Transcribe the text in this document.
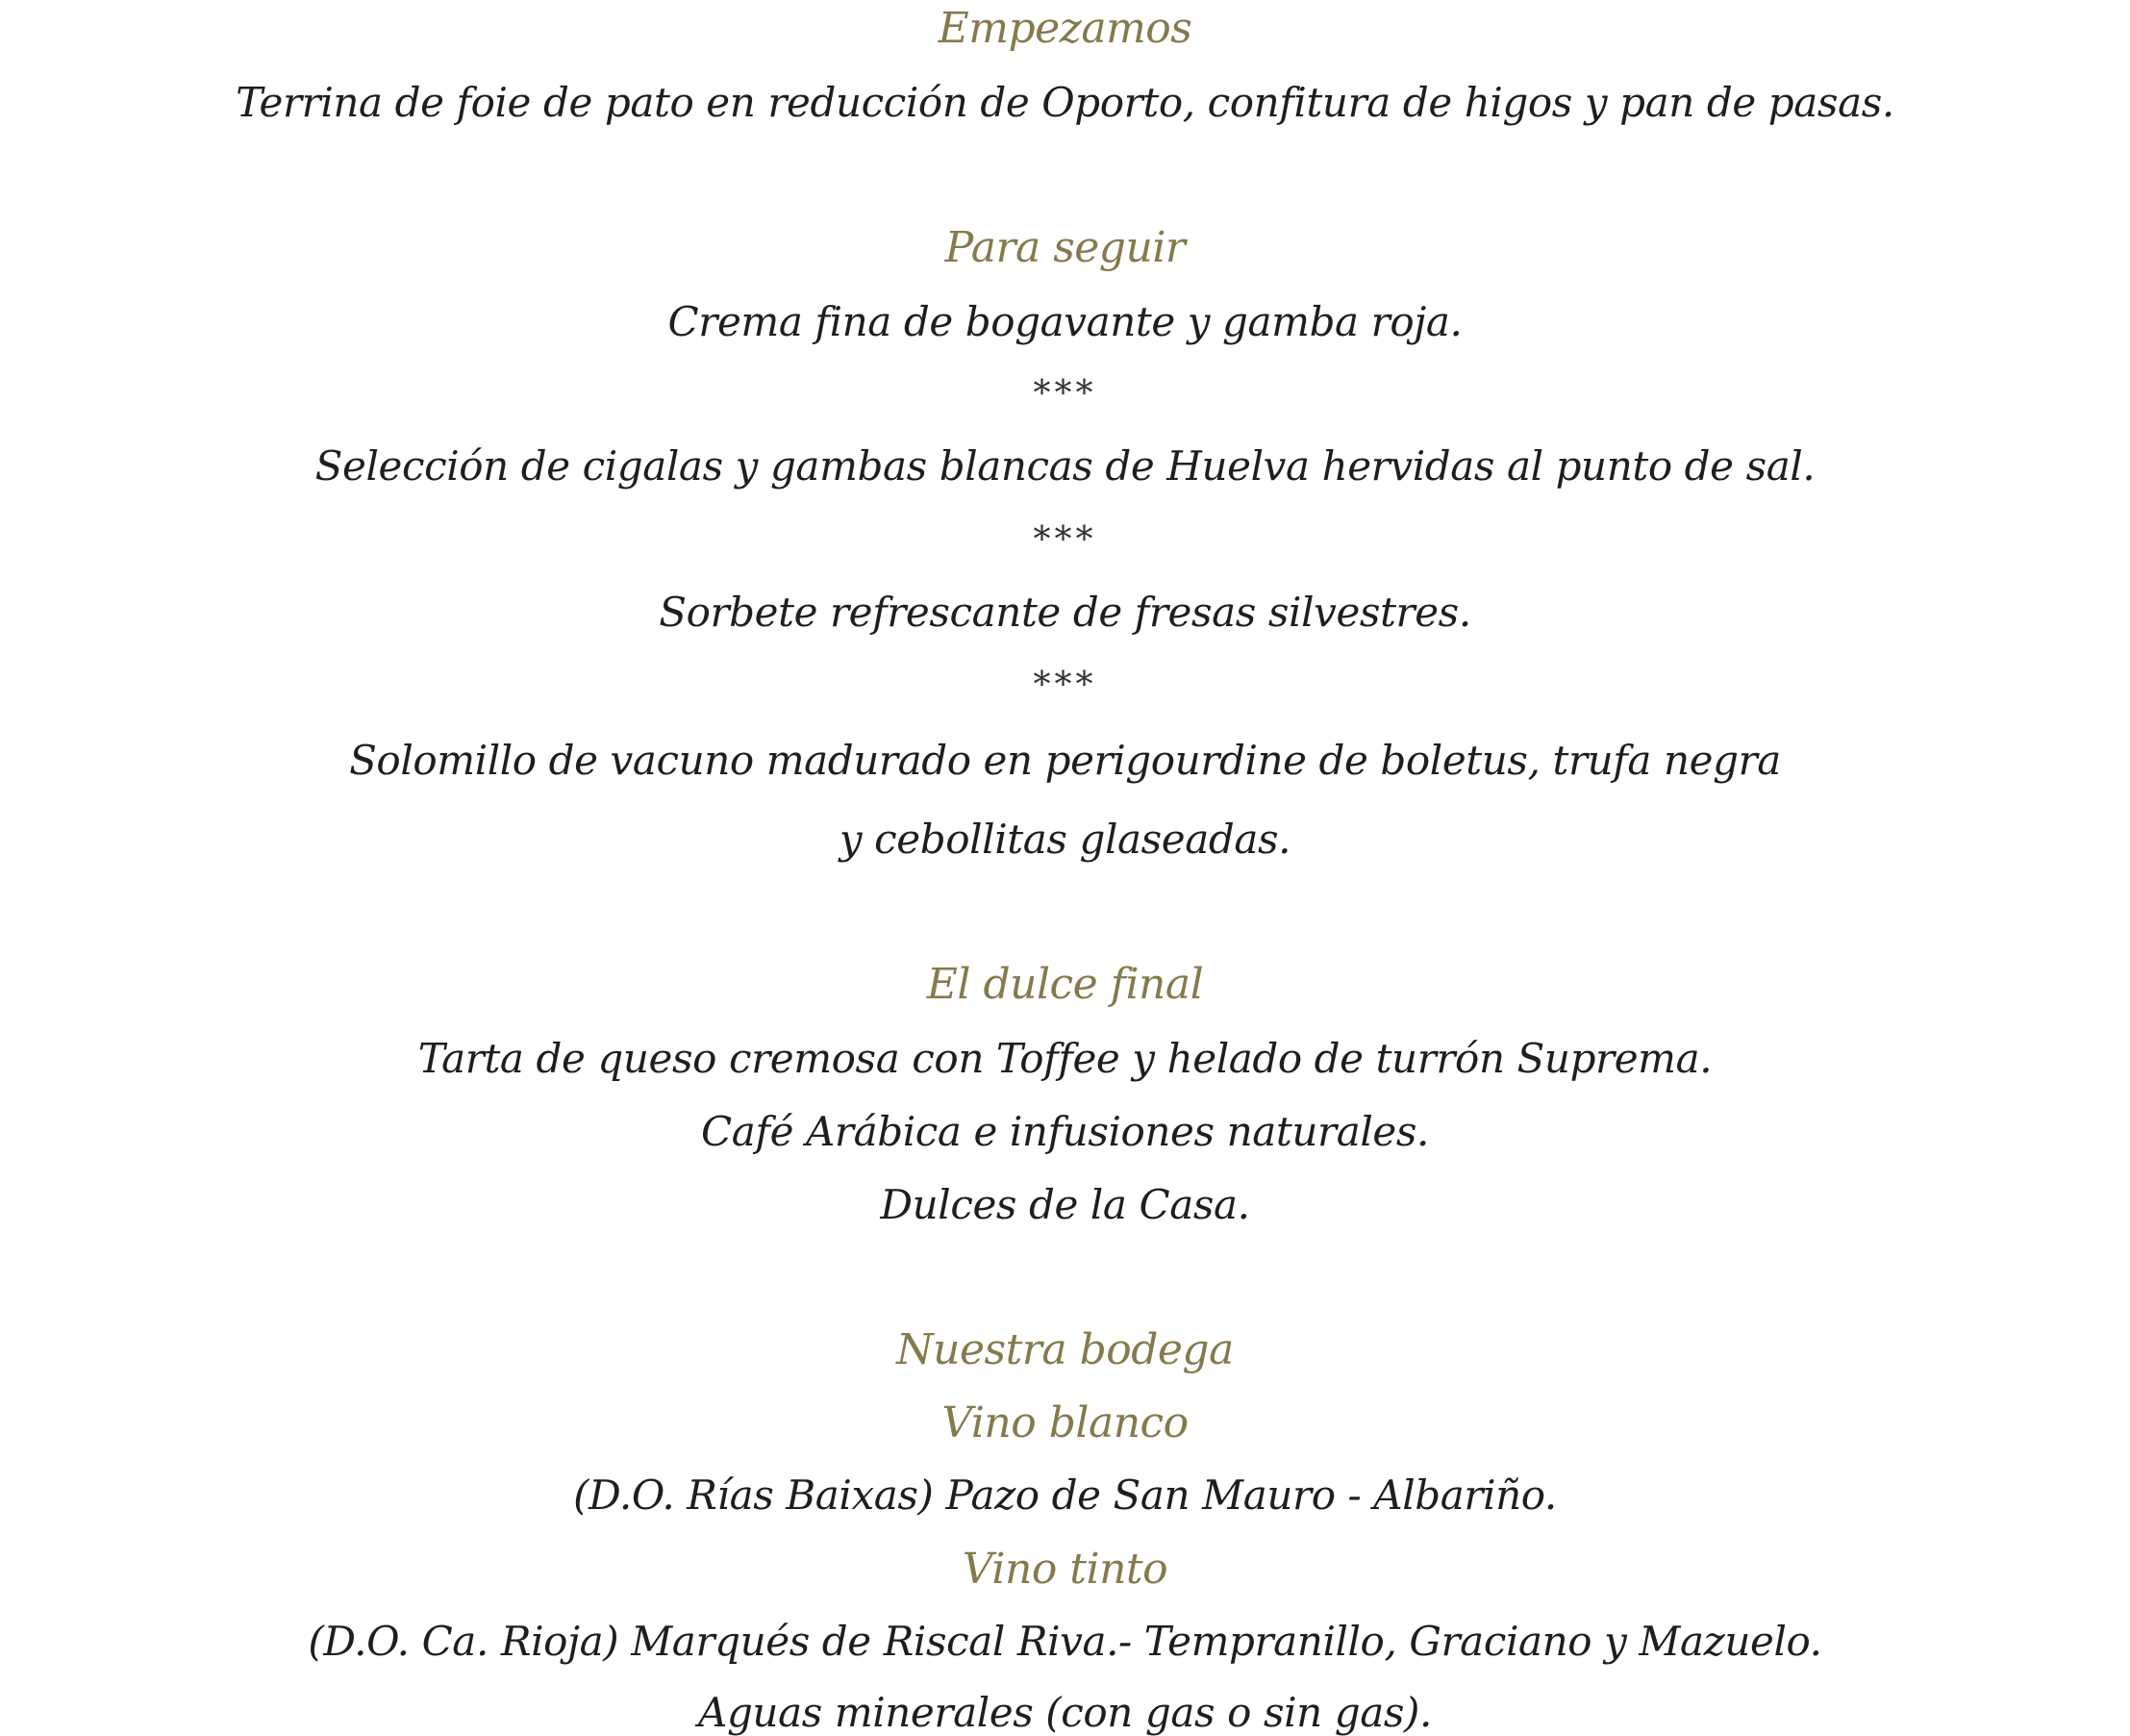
Empezamos
Terrina de foie de pato en reducción de Oporto, confitura de higos y pan de pasas.
Para seguir
Crema fina de bogavante y gamba roja.
***
Selección de cigalas y gambas blancas de Huelva hervidas al punto de sal.
***
Sorbete refrescante de fresas silvestres.
***
Solomillo de vacuno madurado en perigourdine de boletus, trufa negra
y cebollitas glaseadas.
El dulce final
Tarta de queso cremosa con Toffee y helado de turrón Suprema.
Café Arábica e infusiones naturales.
Dulces de la Casa.
Nuestra bodega
Vino blanco
(D.O. Rías Baixas) Pazo de San Mauro - Albariño.
Vino tinto
(D.O. Ca. Rioja) Marqués de Riscal Riva.- Tempranillo, Graciano y Mazuelo.
Aguas minerales (con gas o sin gas).
